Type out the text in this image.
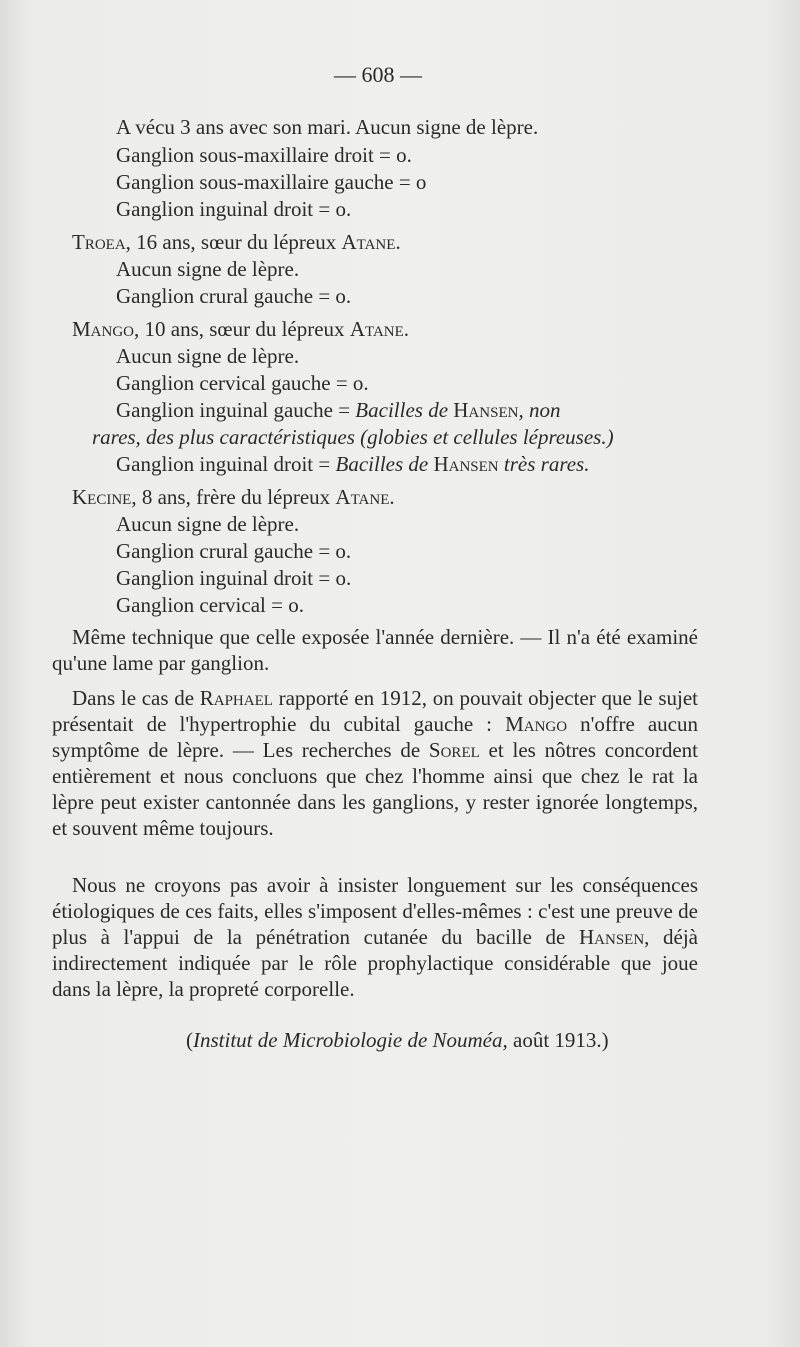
— 608 —
A vécu 3 ans avec son mari. Aucun signe de lèpre.
Ganglion sous-maxillaire droit = o.
Ganglion sous-maxillaire gauche = o
Ganglion inguinal droit = o.
Troea, 16 ans, sœur du lépreux Atane.
Aucun signe de lèpre.
Ganglion crural gauche = o.
Mango, 10 ans, sœur du lépreux Atane.
Aucun signe de lèpre.
Ganglion cervical gauche = o.
Ganglion inguinal gauche = Bacilles de Hansen, non
rares, des plus caractéristiques (globies et cellules lépreuses.)
Ganglion inguinal droit = Bacilles de Hansen très rares.
Kecine, 8 ans, frère du lépreux Atane.
Aucun signe de lèpre.
Ganglion crural gauche = o.
Ganglion inguinal droit = o.
Ganglion cervical = o.
Même technique que celle exposée l'année dernière. — Il n'a été examiné qu'une lame par ganglion.
Dans le cas de Raphael rapporté en 1912, on pouvait objecter que le sujet présentait de l'hypertrophie du cubital gauche : Mango n'offre aucun symptôme de lèpre. — Les recherches de Sorel et les nôtres concordent entièrement et nous concluons que chez l'homme ainsi que chez le rat la lèpre peut exister cantonnée dans les ganglions, y rester ignorée longtemps, et souvent même toujours.
Nous ne croyons pas avoir à insister longuement sur les conséquences étiologiques de ces faits, elles s'imposent d'elles-mêmes : c'est une preuve de plus à l'appui de la pénétration cutanée du bacille de Hansen, déjà indirectement indiquée par le rôle prophylactique considérable que joue dans la lèpre, la propreté corporelle.
(Institut de Microbiologie de Nouméa, août 1913.)
